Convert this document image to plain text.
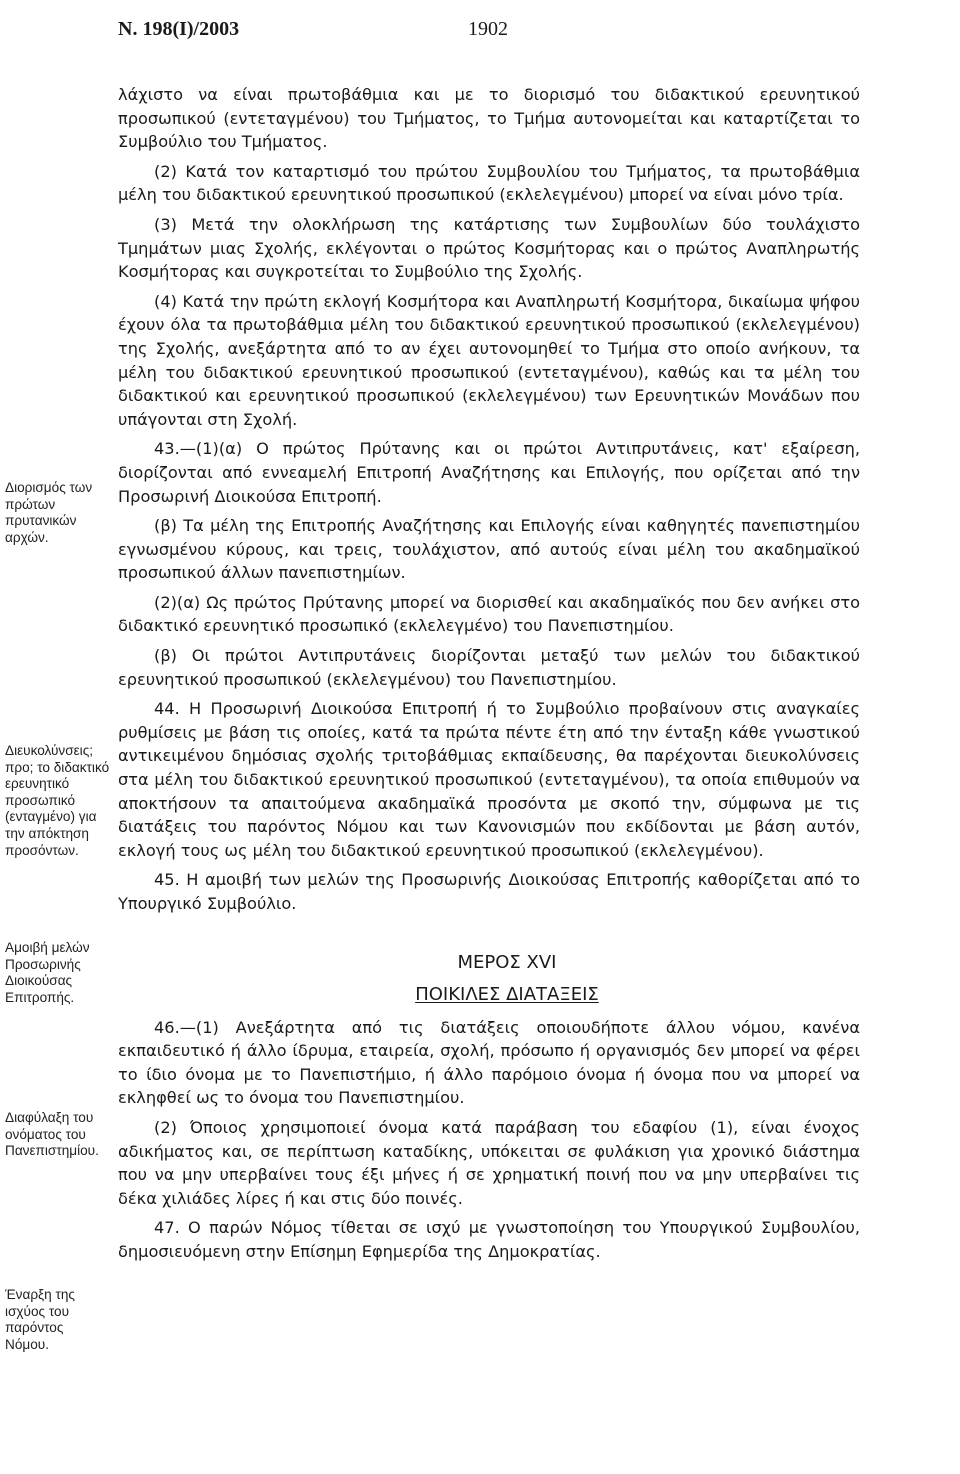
Ν. 198(Ι)/2003	1902
Διορισμός των πρώτων πρυτανικών αρχών.
Διευκολύνσεις; προ; το διδακτικό ερευνητικό προσωπικό (ενταγμένο) για την απόκτηση προσόντων.
Αμοιβή μελών Προσωρινής Διοικούσας Επιτροπής.
Διαφύλαξη του ονόματος του Πανεπιστημίου.
Έναρξη της ισχύος του παρόντος Νόμου.

λάχιστο να είναι πρωτοβάθμια και με το διορισμό του διδακτικού ερευνητικού προσωπικού (εντεταγμένου) του Τμήματος, το Τμήμα αυτονομείται και καταρτίζεται το Συμβούλιο του Τμήματος.

(2) Κατά τον καταρτισμό του πρώτου Συμβουλίου του Τμήματος, τα πρωτοβάθμια μέλη του διδακτικού ερευνητικού προσωπικού (εκλελεγμένου) μπορεί να είναι μόνο τρία.

(3) Μετά την ολοκλήρωση της κατάρτισης των Συμβουλίων δύο τουλάχιστο Τμημάτων μιας Σχολής, εκλέγονται ο πρώτος Κοσμήτορας και ο πρώτος Αναπληρωτής Κοσμήτορας και συγκροτείται το Συμβούλιο της Σχολής.

(4) Κατά την πρώτη εκλογή Κοσμήτορα και Αναπληρωτή Κοσμήτορα, δικαίωμα ψήφου έχουν όλα τα πρωτοβάθμια μέλη του διδακτικού ερευνητικού προσωπικού (εκλελεγμένου) της Σχολής, ανεξάρτητα από το αν έχει αυτονομηθεί το Τμήμα στο οποίο ανήκουν, τα μέλη του διδακτικού ερευνητικού προσωπικού (εντεταγμένου), καθώς και τα μέλη του διδακτικού και ερευνητικού προσωπικού (εκλελεγμένου) των Ερευνητικών Μονάδων που υπάγονται στη Σχολή.

43.—(1)(α) Ο πρώτος Πρύτανης και οι πρώτοι Αντιπρυτάνεις, κατ' εξαίρεση, διορίζονται από εννεαμελή Επιτροπή Αναζήτησης και Επιλογής, που ορίζεται από την Προσωρινή Διοικούσα Επιτροπή.

(β) Τα μέλη της Επιτροπής Αναζήτησης και Επιλογής είναι καθηγητές πανεπιστημίου εγνωσμένου κύρους, και τρεις, τουλάχιστον, από αυτούς είναι μέλη του ακαδημαϊκού προσωπικού άλλων πανεπιστημίων.

(2)(α) Ως πρώτος Πρύτανης μπορεί να διορισθεί και ακαδημαϊκός που δεν ανήκει στο διδακτικό ερευνητικό προσωπικό (εκλελεγμένο) του Πανεπιστημίου.

(β) Οι πρώτοι Αντιπρυτάνεις διορίζονται μεταξύ των μελών του διδακτικού ερευνητικού προσωπικού (εκλελεγμένου) του Πανεπιστημίου.

44. Η Προσωρινή Διοικούσα Επιτροπή ή το Συμβούλιο προβαίνουν στις αναγκαίες ρυθμίσεις με βάση τις οποίες, κατά τα πρώτα πέντε έτη από την ένταξη κάθε γνωστικού αντικειμένου δημόσιας σχολής τριτοβάθμιας εκπαίδευσης, θα παρέχονται διευκολύνσεις στα μέλη του διδακτικού ερευνητικού προσωπικού (εντεταγμένου), τα οποία επιθυμούν να αποκτήσουν τα απαιτούμενα ακαδημαϊκά προσόντα με σκοπό την, σύμφωνα με τις διατάξεις του παρόντος Νόμου και των Κανονισμών που εκδίδονται με βάση αυτόν, εκλογή τους ως μέλη του διδακτικού ερευνητικού προσωπικού (εκλελεγμένου).

45. Η αμοιβή των μελών της Προσωρινής Διοικούσας Επιτροπής καθορίζεται από το Υπουργικό Συμβούλιο.

ΜΕΡΟΣ XVI

ΠΟΙΚΙΛΕΣ ΔΙΑΤΑΞΕΙΣ

46.—(1) Ανεξάρτητα από τις διατάξεις οποιουδήποτε άλλου νόμου, κανένα εκπαιδευτικό ή άλλο ίδρυμα, εταιρεία, σχολή, πρόσωπο ή οργανισμός δεν μπορεί να φέρει το ίδιο όνομα με το Πανεπιστήμιο, ή άλλο παρόμοιο όνομα ή όνομα που να μπορεί να εκληφθεί ως το όνομα του Πανεπιστημίου.

(2) Όποιος χρησιμοποιεί όνομα κατά παράβαση του εδαφίου (1), είναι ένοχος αδικήματος και, σε περίπτωση καταδίκης, υπόκειται σε φυλάκιση για χρονικό διάστημα που να μην υπερβαίνει τους έξι μήνες ή σε χρηματική ποινή που να μην υπερβαίνει τις δέκα χιλιάδες λίρες ή και στις δύο ποινές.

47. Ο παρών Νόμος τίθεται σε ισχύ με γνωστοποίηση του Υπουργικού Συμβουλίου, δημοσιευόμενη στην Επίσημη Εφημερίδα της Δημοκρατίας.
